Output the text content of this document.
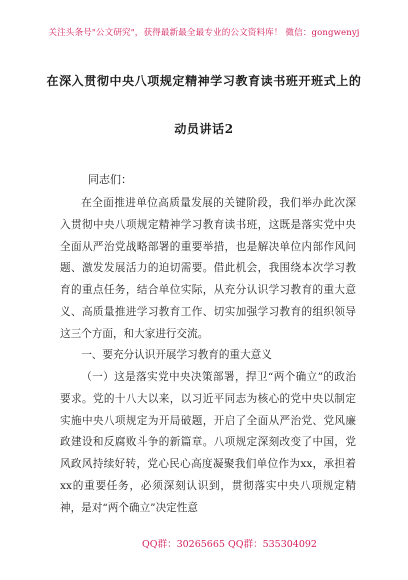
关注头条号"公文研究"，获得最新最全最专业的公文资料库！ 微信：gongwenyj
在深入贯彻中央八项规定精神学习教育读书班开班式上的
动员讲话2
同志们：

在全面推进单位高质量发展的关键阶段，我们举办此次深入贯彻中央八项规定精神学习教育读书班，这既是落实党中央全面从严治党战略部署的重要举措，也是解决单位内部作风问题、激发发展活力的迫切需要。借此机会，我围绕本次学习教育的重点任务，结合单位实际，从充分认识学习教育的重大意义、高质量推进学习教育工作、切实加强学习教育的组织领导这三个方面，和大家进行交流。

一、要充分认识开展学习教育的重大意义

（一）这是落实党中央决策部署，捍卫“两个确立”的政治要求。党的十八大以来，以习近平同志为核心的党中央以制定实施中央八项规定为开局破题，开启了全面从严治党、党风廉政建设和反腐败斗争的新篇章。八项规定深刻改变了中国，党风政风持续好转，党心民心高度凝聚我们单位作为xx，承担着xx的重要任务，必须深刻认识到，贯彻落实中央八项规定精神，是对“两个确立”决定性意

QQ群：30265665 QQ群：535304092
